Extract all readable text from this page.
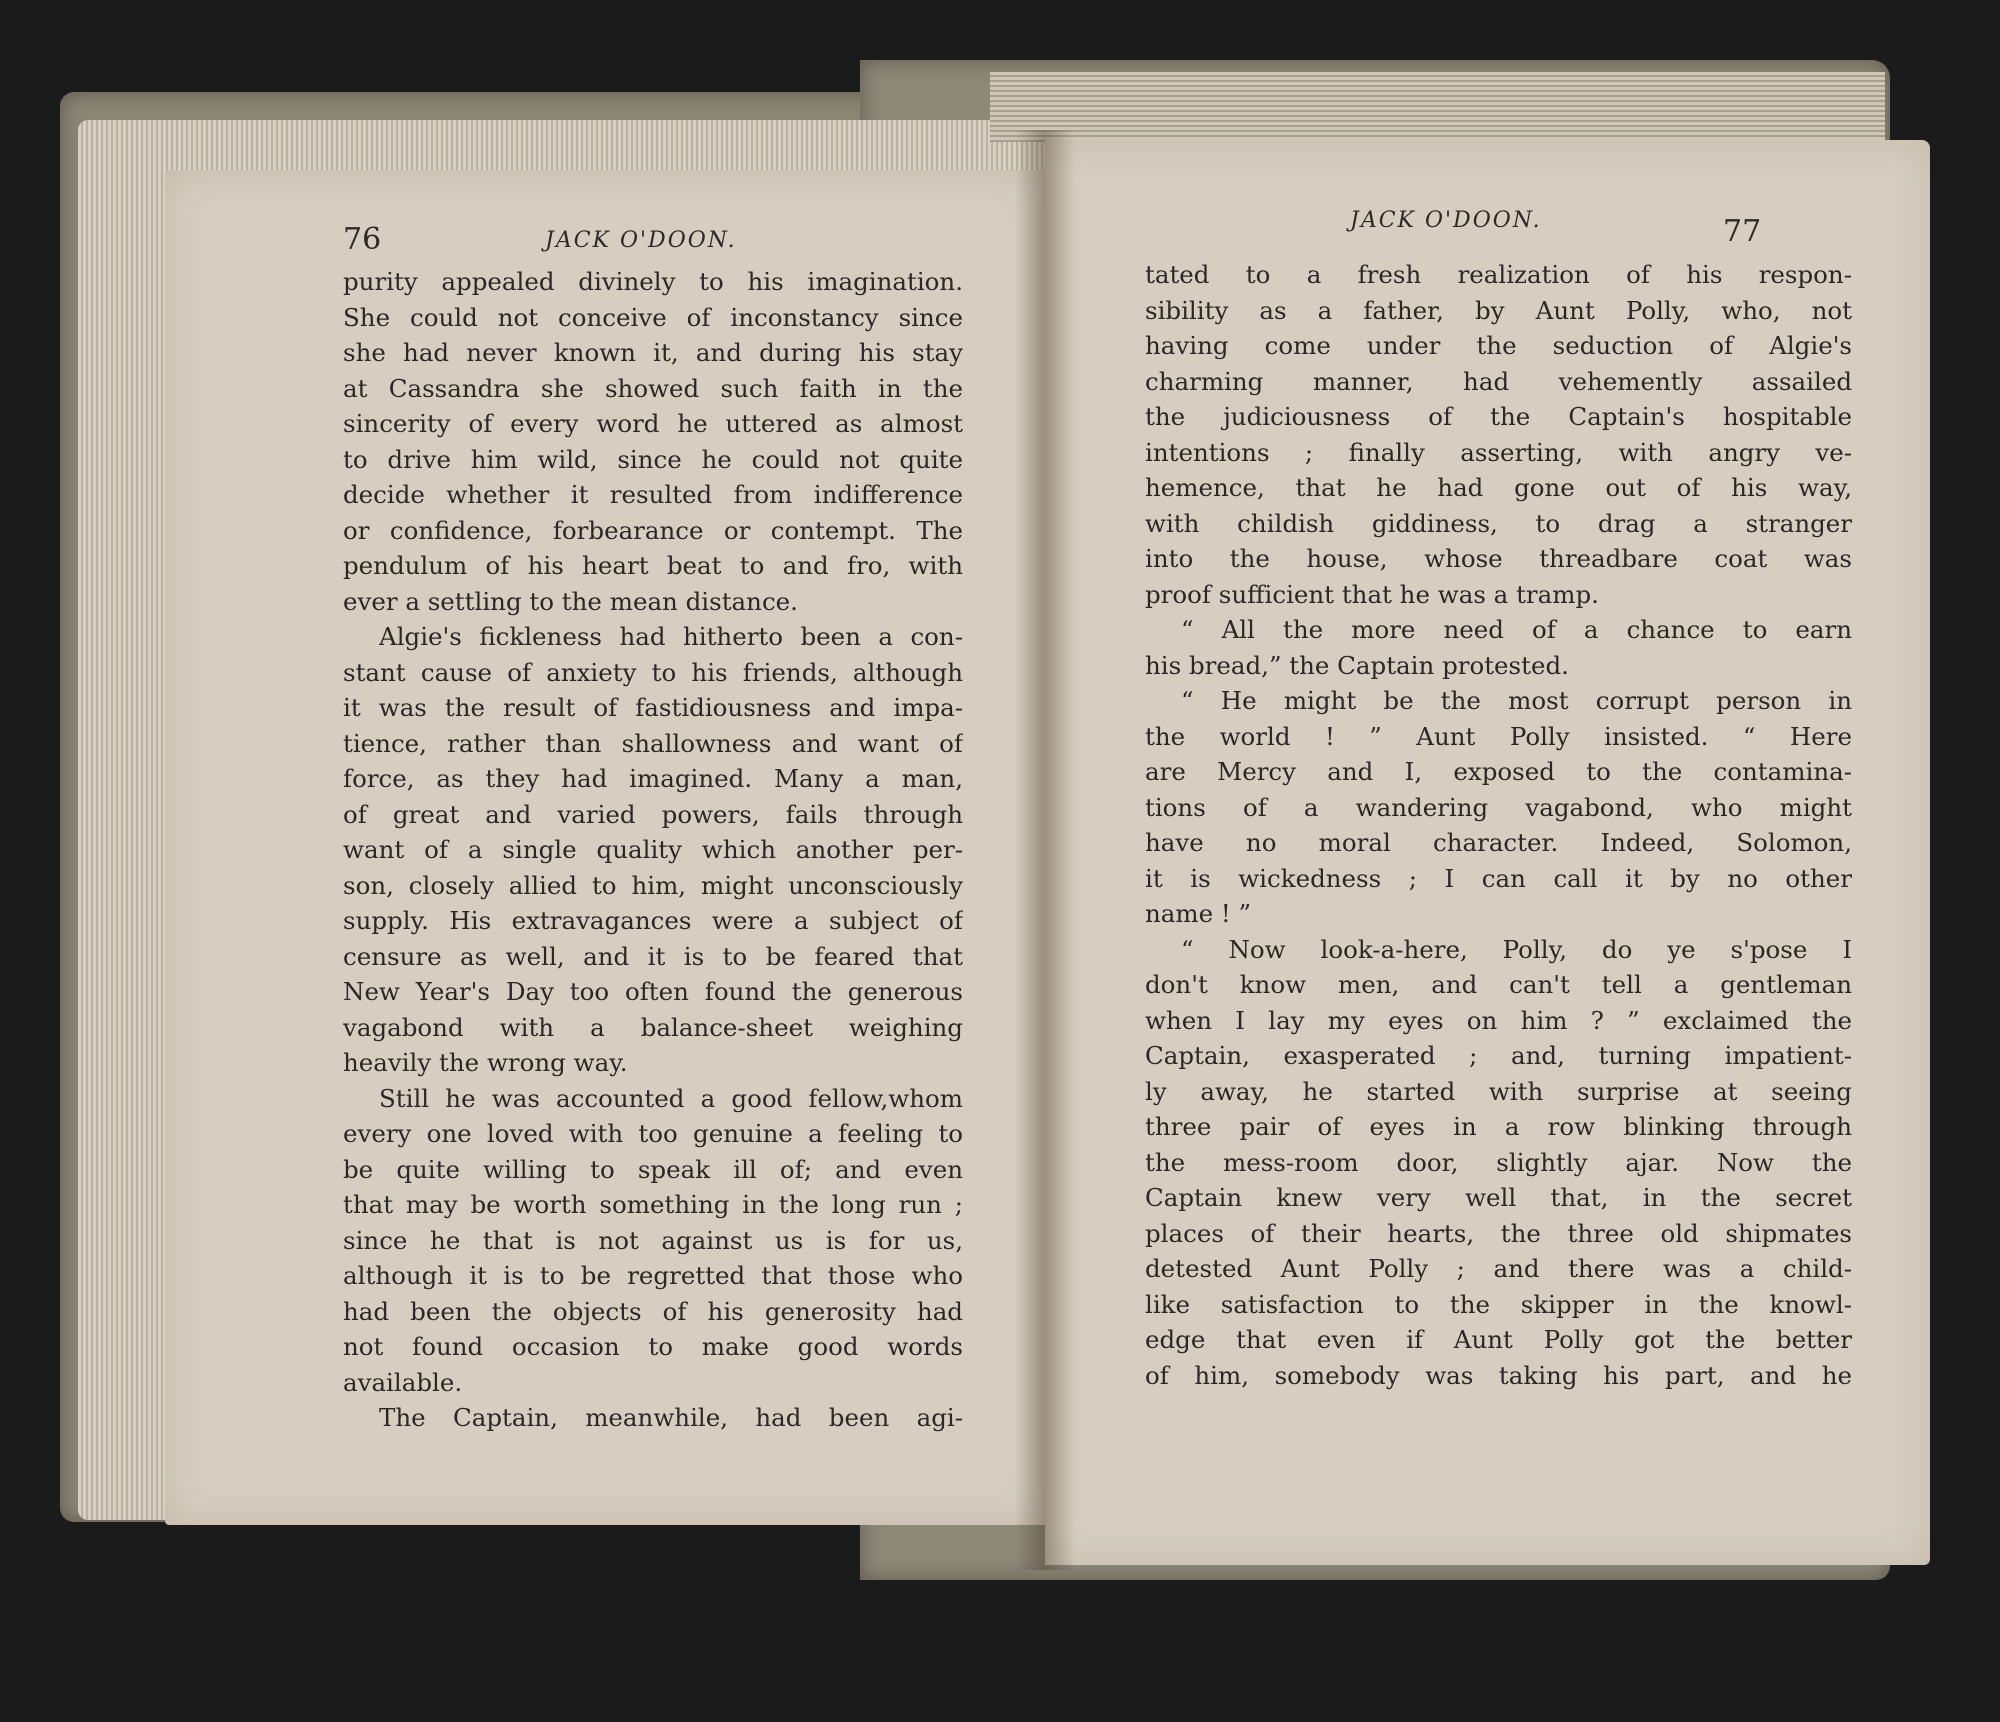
76	JACK O'DOON.
purity appealed divinely to his imagination.
She could not conceive of inconstancy since
she had never known it, and during his stay
at Cassandra she showed such faith in the
sincerity of every word he uttered as almost
to drive him wild, since he could not quite
decide whether it resulted from indifference
or confidence, forbearance or contempt. The
pendulum of his heart beat to and fro, with
ever a settling to the mean distance.
Algie's fickleness had hitherto been a con-
stant cause of anxiety to his friends, although
it was the result of fastidiousness and impa-
tience, rather than shallowness and want of
force, as they had imagined. Many a man,
of great and varied powers, fails through
want of a single quality which another per-
son, closely allied to him, might unconsciously
supply. His extravagances were a subject of
censure as well, and it is to be feared that
New Year's Day too often found the generous
vagabond with a balance-sheet weighing
heavily the wrong way.
Still he was accounted a good fellow,whom
every one loved with too genuine a feeling to
be quite willing to speak ill of; and even
that may be worth something in the long run ;
since he that is not against us is for us,
although it is to be regretted that those who
had been the objects of his generosity had
not found occasion to make good words
available.
The Captain, meanwhile, had been agi-
JACK O'DOON.	77
tated to a fresh realization of his respon-
sibility as a father, by Aunt Polly, who, not
having come under the seduction of Algie's
charming manner, had vehemently assailed
the judiciousness of the Captain's hospitable
intentions ; finally asserting, with angry ve-
hemence, that he had gone out of his way,
with childish giddiness, to drag a stranger
into the house, whose threadbare coat was
proof sufficient that he was a tramp.
“ All the more need of a chance to earn
his bread,” the Captain protested.
“ He might be the most corrupt person in
the world ! ” Aunt Polly insisted. “ Here
are Mercy and I, exposed to the contamina-
tions of a wandering vagabond, who might
have no moral character. Indeed, Solomon,
it is wickedness ; I can call it by no other
name ! ”
“ Now look-a-here, Polly, do ye s'pose I
don't know men, and can't tell a gentleman
when I lay my eyes on him ? ” exclaimed the
Captain, exasperated ; and, turning impatient-
ly away, he started with surprise at seeing
three pair of eyes in a row blinking through
the mess-room door, slightly ajar. Now the
Captain knew very well that, in the secret
places of their hearts, the three old shipmates
detested Aunt Polly ; and there was a child-
like satisfaction to the skipper in the knowl-
edge that even if Aunt Polly got the better
of him, somebody was taking his part, and he
